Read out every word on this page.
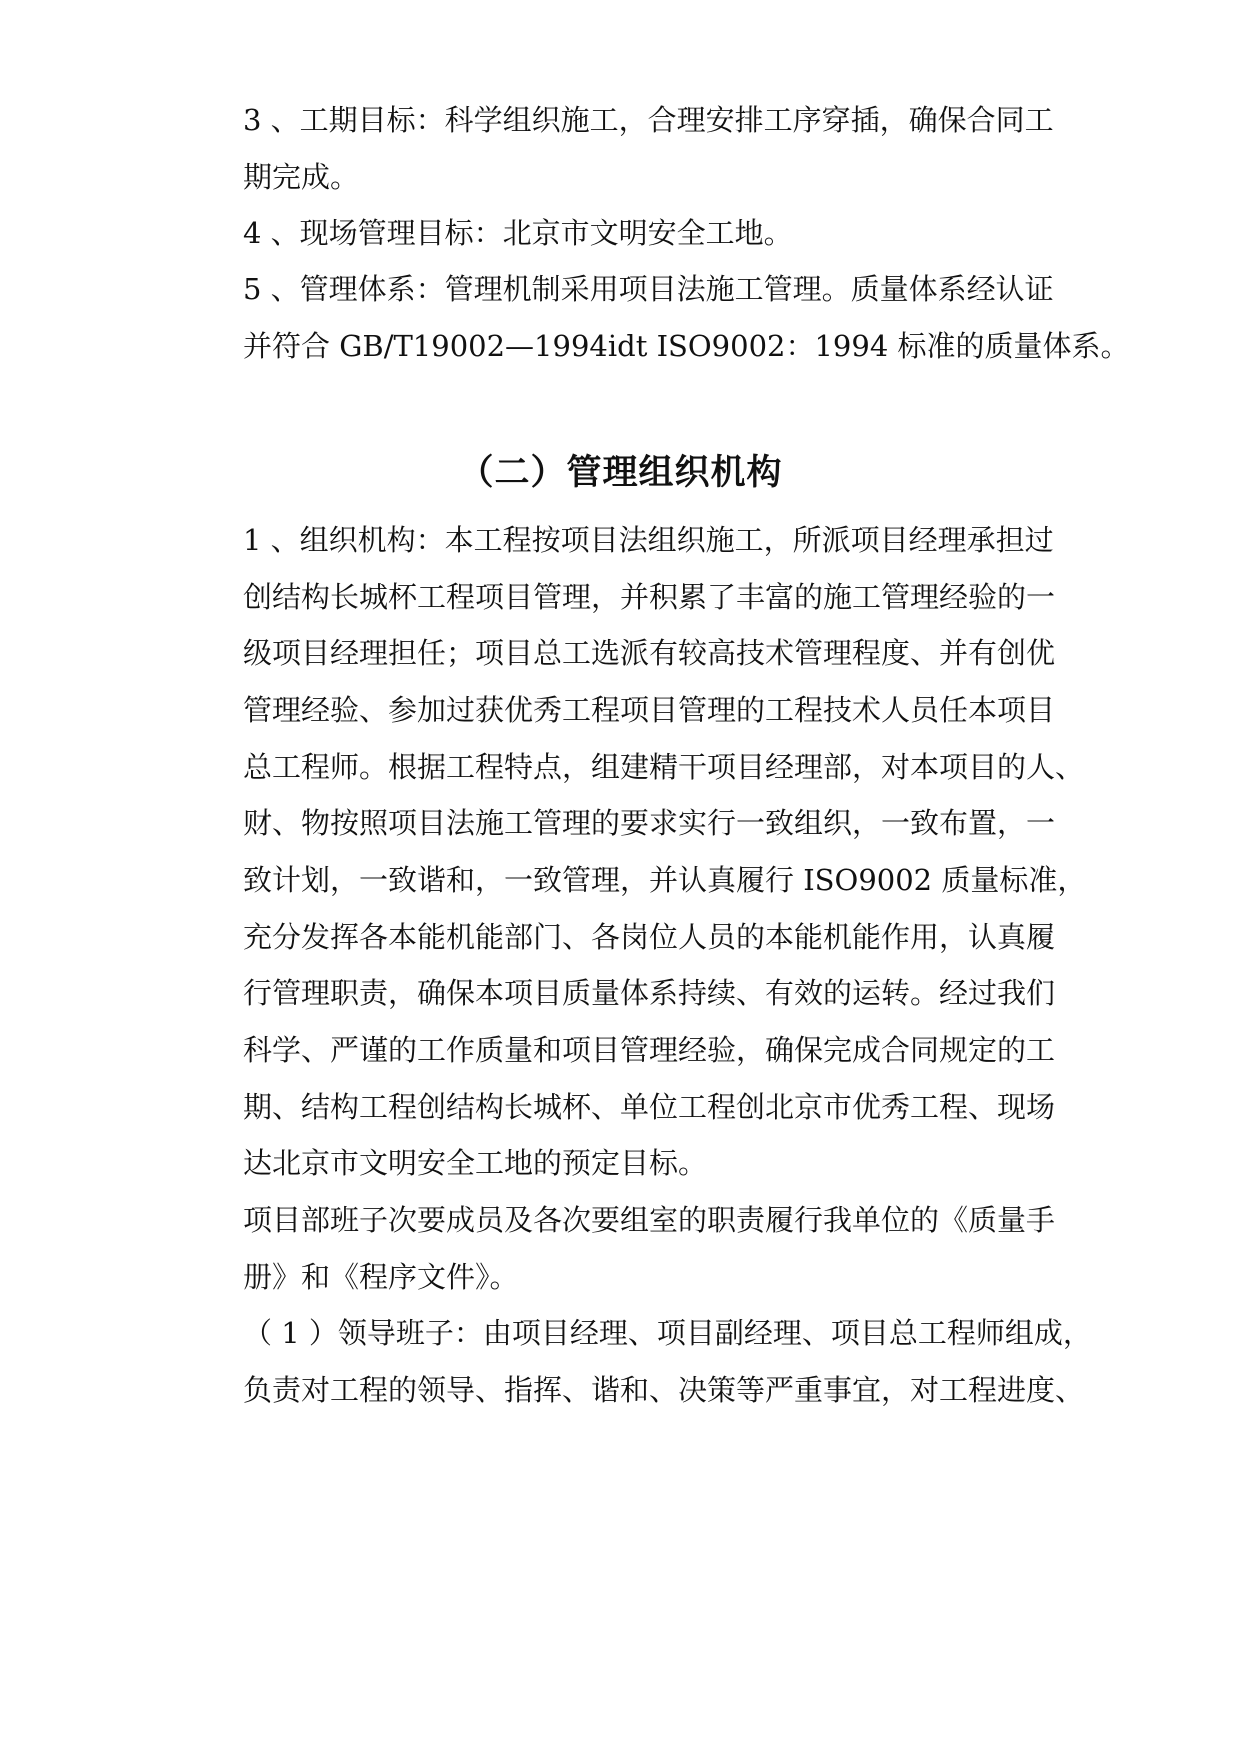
3 、工期目标：科学组织施工，合理安排工序穿插，确保合同工
期完成。
4 、现场管理目标：北京市文明安全工地。
5 、管理体系：管理机制采用项目法施工管理。质量体系经认证
并符合 GB/T19002—1994idt ISO9002：1994 标准的质量体系。
（二）管理组织机构
1 、组织机构：本工程按项目法组织施工，所派项目经理承担过
创结构长城杯工程项目管理，并积累了丰富的施工管理经验的一
级项目经理担任；项目总工选派有较高技术管理程度、并有创优
管理经验、参加过获优秀工程项目管理的工程技术人员任本项目
总工程师。根据工程特点，组建精干项目经理部，对本项目的人、
财、物按照项目法施工管理的要求实行一致组织，一致布置，一
致计划，一致谐和，一致管理，并认真履行 ISO9002 质量标准，
充分发挥各本能机能部门、各岗位人员的本能机能作用，认真履
行管理职责，确保本项目质量体系持续、有效的运转。经过我们
科学、严谨的工作质量和项目管理经验，确保完成合同规定的工
期、结构工程创结构长城杯、单位工程创北京市优秀工程、现场
达北京市文明安全工地的预定目标。
项目部班子次要成员及各次要组室的职责履行我单位的《质量手
册》和《程序文件》。
（ 1 ）领导班子：由项目经理、项目副经理、项目总工程师组成，
负责对工程的领导、指挥、谐和、决策等严重事宜，对工程进度、
